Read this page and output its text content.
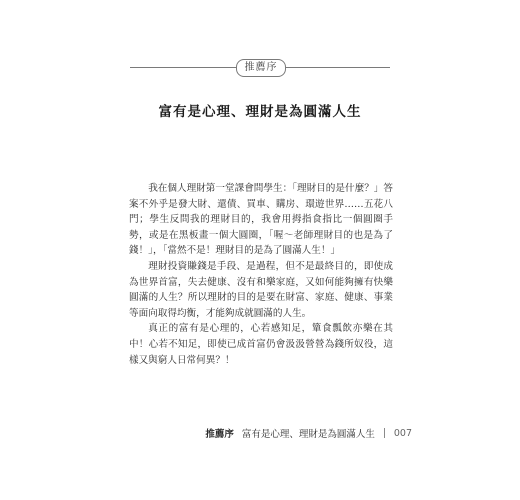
推薦序
富有是心理、理財是為圓滿人生

我在個人理財第一堂課會問學生：「理財目的是什麼？」答案不外乎是發大財、還債、買車、購房、環遊世界……五花八門；學生反問我的理財目的，我會用拇指食指比一個圓圈手勢，或是在黑板畫一個大圓圈，「喔～老師理財目的也是為了錢！」，「當然不是！理財目的是為了圓滿人生！」

理財投資賺錢是手段、是過程，但不是最終目的，即使成為世界首富，失去健康、沒有和樂家庭，又如何能夠擁有快樂圓滿的人生？所以理財的目的是要在財富、家庭、健康、事業等面向取得均衡，才能夠成就圓滿的人生。

真正的富有是心理的，心若感知足，簞食瓢飲亦樂在其中！心若不知足，即使已成首富仍會汲汲營營為錢所奴役，這樣又與窮人日常何異？！

推薦序 富有是心理、理財是為圓滿人生 007
